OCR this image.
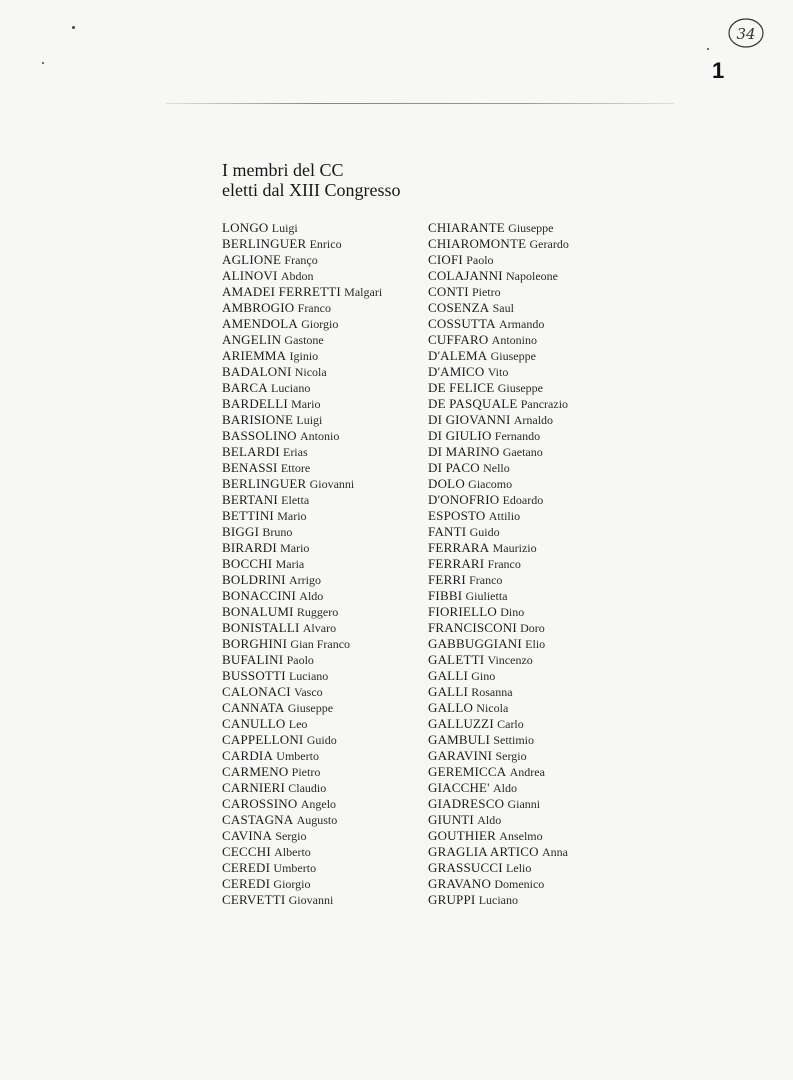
34
1
I membri del CC
eletti dal XIII Congresso
LONGO Luigi
BERLINGUER Enrico
AGLIONE Franço
ALINOVI Abdon
AMADEI FERRETTI Malgari
AMBROGIO Franco
AMENDOLA Giorgio
ANGELIN Gastone
ARIEMMA Iginio
BADALONI Nicola
BARCA Luciano
BARDELLI Mario
BARISIONE Luigi
BASSOLINO Antonio
BELARDI Erias
BENASSI Ettore
BERLINGUER Giovanni
BERTANI Eletta
BETTINI Mario
BIGGI Bruno
BIRARDI Mario
BOCCHI Maria
BOLDRINI Arrigo
BONACCINI Aldo
BONALUMI Ruggero
BONISTALLI Alvaro
BORGHINI Gian Franco
BUFALINI Paolo
BUSSOTTI Luciano
CALONACI Vasco
CANNATA Giuseppe
CANULLO Leo
CAPPELLONI Guido
CARDIA Umberto
CARMENO Pietro
CARNIERI Claudio
CAROSSINO Angelo
CASTAGNA Augusto
CAVINA Sergio
CECCHI Alberto
CEREDI Umberto
CEREDI Giorgio
CERVETTI Giovanni
CHIARANTE Giuseppe
CHIAROMONTE Gerardo
CIOFI Paolo
COLAJANNI Napoleone
CONTI Pietro
COSENZA Saul
COSSUTTA Armando
CUFFARO Antonino
D'ALEMA Giuseppe
D'AMICO Vito
DE FELICE Giuseppe
DE PASQUALE Pancrazio
DI GIOVANNI Arnaldo
DI GIULIO Fernando
DI MARINO Gaetano
DI PACO Nello
DOLO Giacomo
D'ONOFRIO Edoardo
ESPOSTO Attilio
FANTI Guido
FERRARA Maurizio
FERRARI Franco
FERRI Franco
FIBBI Giulietta
FIORIELLO Dino
FRANCISCONI Doro
GABBUGGIANI Elio
GALETTI Vincenzo
GALLI Gino
GALLI Rosanna
GALLO Nicola
GALLUZZI Carlo
GAMBULI Settimio
GARAVINI Sergio
GEREMICCA Andrea
GIACCHE' Aldo
GIADRESCO Gianni
GIUNTI Aldo
GOUTHIER Anselmo
GRAGLIA ARTICO Anna
GRASSUCCI Lelio
GRAVANO Domenico
GRUPPI Luciano
